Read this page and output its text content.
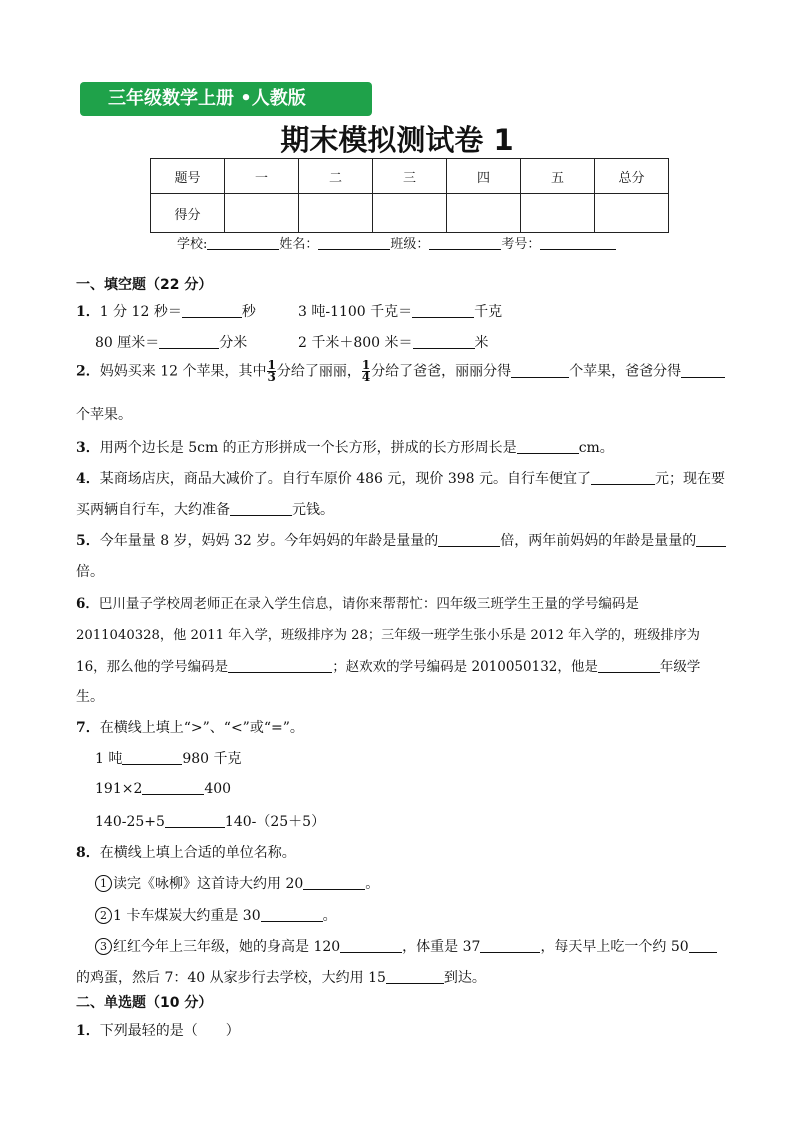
三年级数学上册 •人教版
期末模拟测试卷 1
题号	一	二	三	四	五	总分
得分						
学校:	姓名：	班级：	考号：
一、填空题（22 分）
1．1 分 12 秒＝	秒	3 吨-1100 千克＝	千克
80 厘米＝	分米	2 千米＋800 米＝	米
2．妈妈买来 12 个苹果，其中 $\frac{1}{3}$ 分给了丽丽， $\frac{1}{4}$ 分给了爸爸，丽丽分得	个苹果，爸爸分得
个苹果。
3．用两个边长是 5cm 的正方形拼成一个长方形，拼成的长方形周长是	cm。
4．某商场店庆，商品大减价了。自行车原价 486 元，现价 398 元。自行车便宜了	元；现在要
买两辆自行车，大约准备	元钱。
5．今年量量 8 岁，妈妈 32 岁。今年妈妈的年龄是量量的	倍，两年前妈妈的年龄是量量的
倍。
6．巴川量子学校周老师正在录入学生信息，请你来帮帮忙：四年级三班学生王量的学号编码是
2011040328，他 2011 年入学，班级排序为 28；三年级一班学生张小乐是 2012 年入学的，班级排序为
16，那么他的学号编码是	；赵欢欢的学号编码是 2010050132，他是	年级学
生。
7．在横线上填上“>”、“<”或“=”。
1 吨	980 千克
191×2	400
140-25+5	140-（25＋5）
8．在横线上填上合适的单位名称。
1 读完《咏柳》这首诗大约用 20	。
2 1 卡车煤炭大约重是 30	。
3 红红今年上三年级，她的身高是 120	，体重是 37	，每天早上吃一个约 50
的鸡蛋，然后 7：40 从家步行去学校，大约用 15	到达。
二、单选题（10 分）
1．下列最轻的是（　　）
